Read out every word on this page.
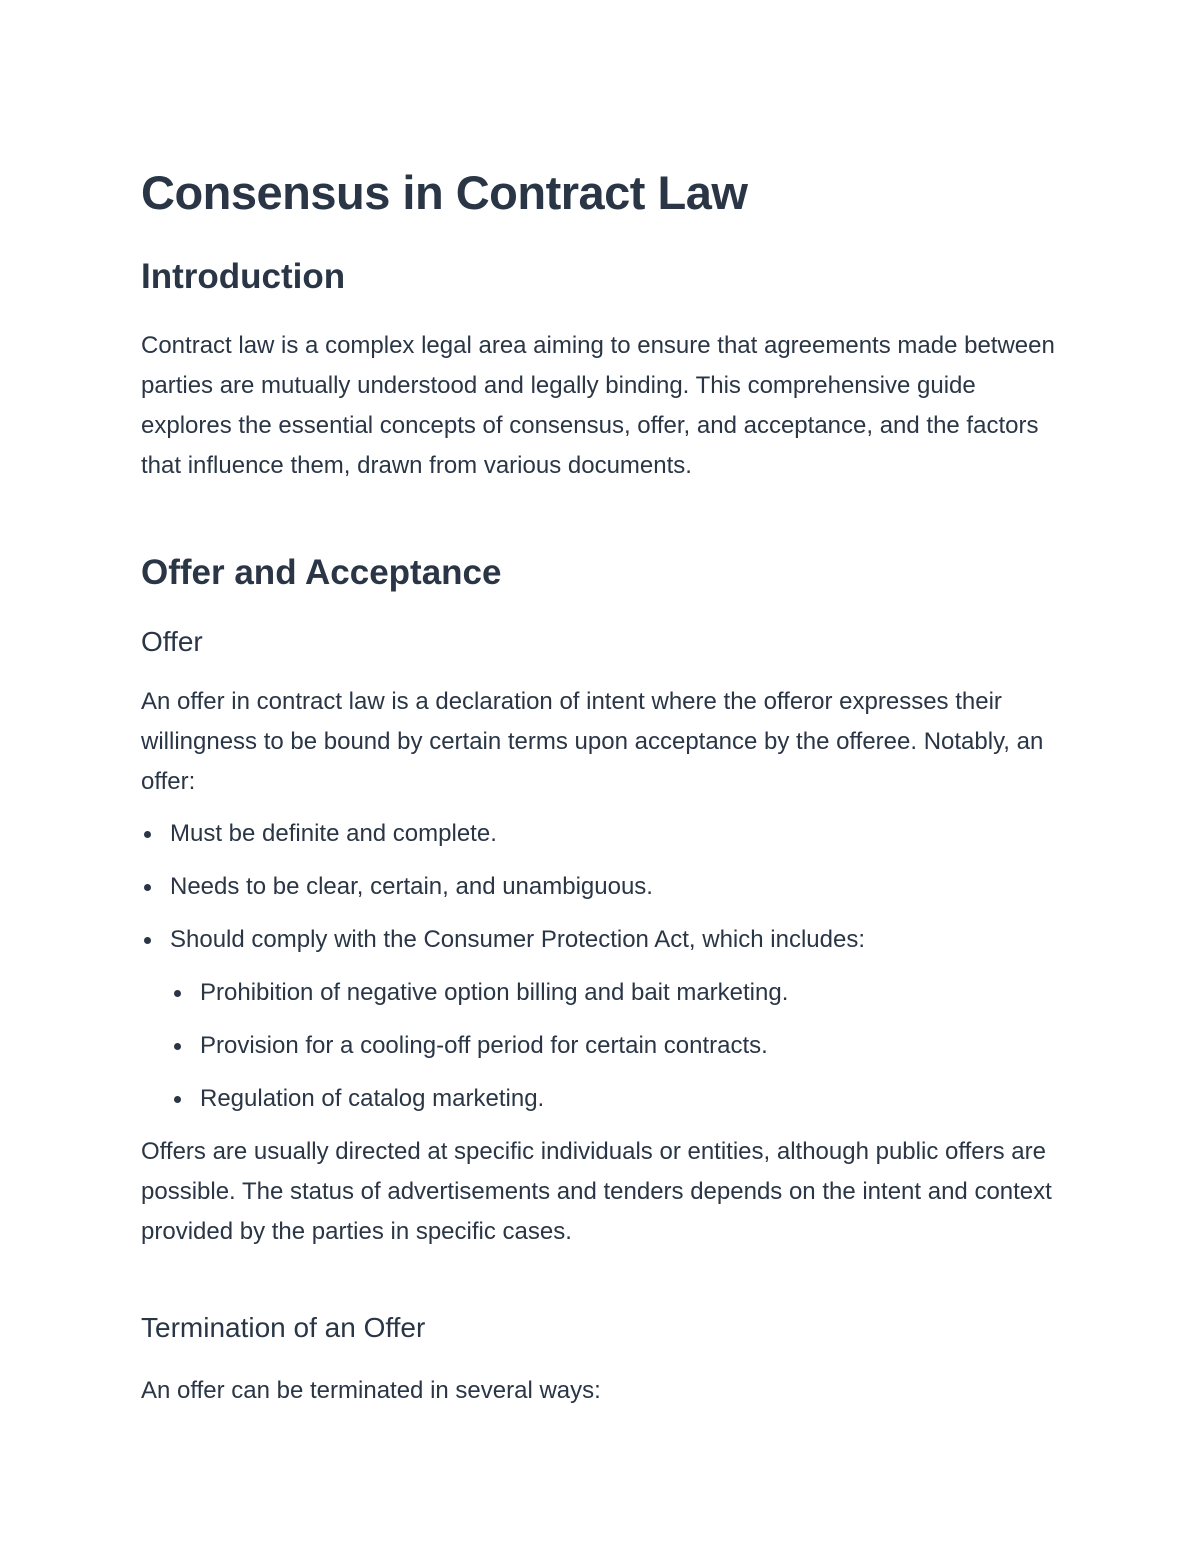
Consensus in Contract Law
Introduction

Contract law is a complex legal area aiming to ensure that agreements made between parties are mutually understood and legally binding. This comprehensive guide explores the essential concepts of consensus, offer, and acceptance, and the factors that influence them, drawn from various documents.

Offer and Acceptance
Offer

An offer in contract law is a declaration of intent where the offeror expresses their willingness to be bound by certain terms upon acceptance by the offeree. Notably, an offer:

Must be definite and complete.
Needs to be clear, certain, and unambiguous.
Should comply with the Consumer Protection Act, which includes:
Prohibition of negative option billing and bait marketing.
Provision for a cooling-off period for certain contracts.
Regulation of catalog marketing.

Offers are usually directed at specific individuals or entities, although public offers are possible. The status of advertisements and tenders depends on the intent and context provided by the parties in specific cases.

Termination of an Offer

An offer can be terminated in several ways:
